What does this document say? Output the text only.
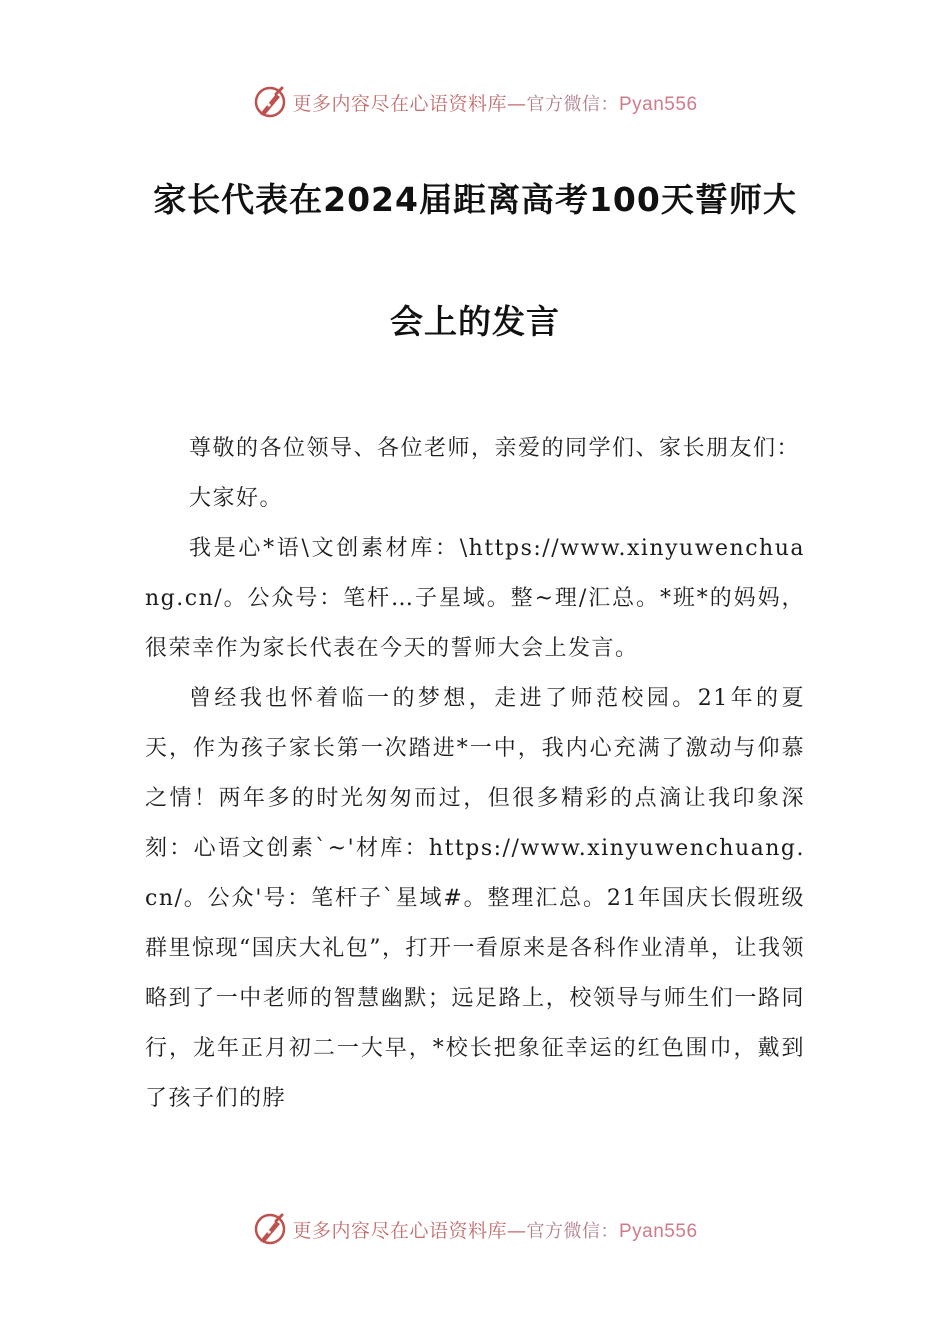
更多内容尽在心语资料库—官方微信：Pyan556
家长代表在2024届距离高考100天誓师大
会上的发言

尊敬的各位领导、各位老师，亲爱的同学们、家长朋友们：

大家好。

我是心*语\文创素材库：\https://www.xinyuwenchuang.cn/。公众号：笔杆…子星域。整~理/汇总。*班*的妈妈，很荣幸作为家长代表在今天的誓师大会上发言。

曾经我也怀着临一的梦想，走进了师范校园。21年的夏天，作为孩子家长第一次踏进*一中，我内心充满了激动与仰慕之情！两年多的时光匆匆而过，但很多精彩的点滴让我印象深刻：心语文创素`~'材库：https://www.xinyuwenchuang.cn/。公众'号：笔杆子`星域#。整理汇总。21年国庆长假班级群里惊现“国庆大礼包”，打开一看原来是各科作业清单，让我领略到了一中老师的智慧幽默；远足路上，校领导与师生们一路同行，龙年正月初二一大早，*校长把象征幸运的红色围巾，戴到了孩子们的脖

更多内容尽在心语资料库—官方微信：Pyan556
